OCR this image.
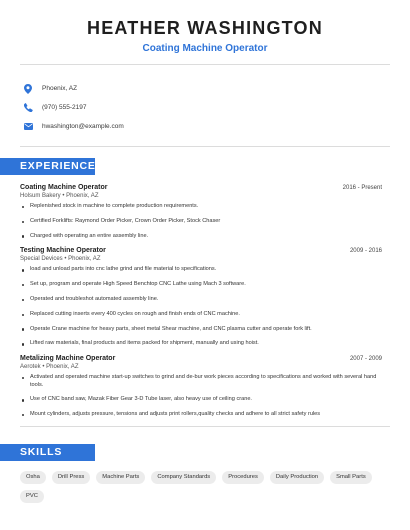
HEATHER WASHINGTON
Coating Machine Operator
Phoenix, AZ
(970) 555-2197
hwashington@example.com
EXPERIENCE
Coating Machine Operator	2016 - Present
Holsum Bakery • Phoenix, AZ
Replenished stock in machine to complete production requirements.
Certified Forklifts: Raymond Order Picker, Crown Order Picker, Stock Chaser
Charged with operating an entire assembly line.
Testing Machine Operator	2009 - 2016
Special Devices • Phoenix, AZ
load and unload parts into cnc lathe grind and file material to specifications.
Set up, program and operate High Speed Benchtop CNC Lathe using Mach 3 software.
Operated and troubleshot automated assembly line.
Replaced cutting inserts every 400 cycles on rough and finish ends of CNC machine.
Operate Crane machine for heavy parts, sheet metal Shear machine, and CNC plasma cutter and operate fork lift.
Lifted raw materials, final products and items packed for shipment, manually and using hoist.
Metalizing Machine Operator	2007 - 2009
Aerotek • Phoenix, AZ
Activated and operated machine start-up switches to grind and de-bur work pieces according to specifications and worked with several hand tools.
Use of CNC band saw, Mazak Fiber Gear 3-D Tube laser, also heavy use of ceiling crane.
Mount cylinders, adjusts pressure, tensions and adjusts print rollers,quality checks and adhere to all strict safety rules
SKILLS
Osha	Drill Press	Machine Parts	Company Standards	Procedures	Daily Production	Small Parts
PVC
